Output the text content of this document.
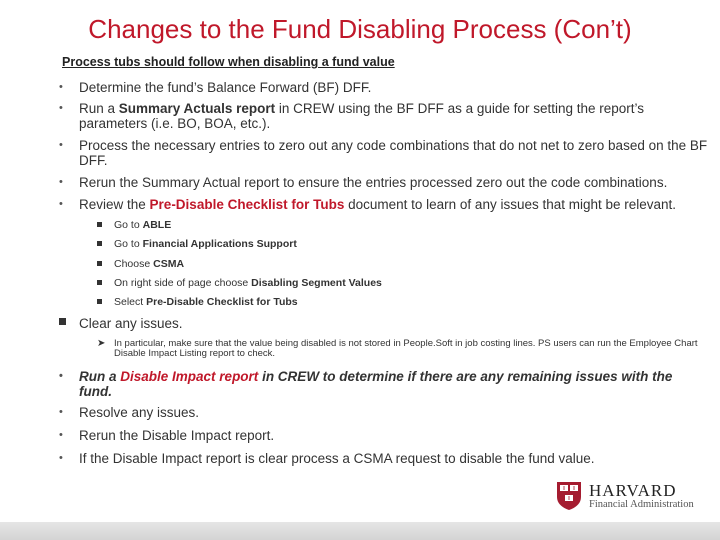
Changes to the Fund Disabling Process (Con’t)
Process tubs should follow when disabling a fund value
• Determine the fund’s Balance Forward (BF) DFF.
• Run a Summary Actuals report in CREW using the BF DFF as a guide for setting the report’s parameters (i.e. BO, BOA, etc.).
• Process the necessary entries to zero out any code combinations that do not net to zero based on the BF DFF.
• Rerun the Summary Actual report to ensure the entries processed zero out the code combinations.
• Review the Pre-Disable Checklist for Tubs document to learn of any issues that might be relevant.
Go to ABLE
Go to Financial Applications Support
Choose CSMA
On right side of page choose Disabling Segment Values
Select Pre-Disable Checklist for Tubs
Clear any issues.
➤ In particular, make sure that the value being disabled is not stored in People.Soft in job costing lines. PS users can run the Employee Chart Disable Impact Listing report to check.
• Run a Disable Impact report in CREW to determine if there are any remaining issues with the fund.
• Resolve any issues.
• Rerun the Disable Impact report.
• If the Disable Impact report is clear process a CSMA request to disable the fund value.
HARVARD
Financial Administration
